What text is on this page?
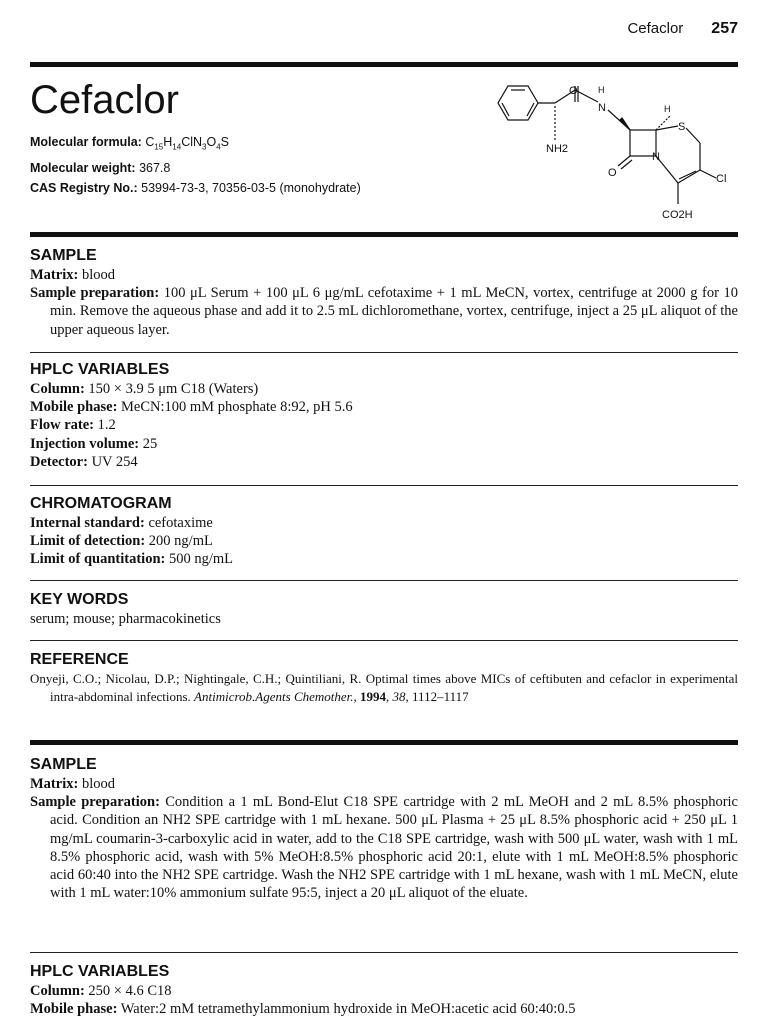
Cefaclor 257
Cefaclor
Molecular formula: $C_{15}H_{14}ClN_3O_4S$
Molecular weight: 367.8
CAS Registry No.: 53994-73-3, 70356-03-5 (monohydrate)
O
N
H
NH2
H
S
N
O	Cl
CO2H
SAMPLE

Matrix: blood

Sample preparation: 100 μL Serum + 100 μL 6 μg/mL cefotaxime + 1 mL MeCN, vortex, centrifuge at 2000 g for 10 min. Remove the aqueous phase and add it to 2.5 mL dichloromethane, vortex, centrifuge, inject a 25 μL aliquot of the upper aqueous layer.

HPLC VARIABLES

Column: 150 × 3.9 5 μm C18 (Waters)

Mobile phase: MeCN:100 mM phosphate 8:92, pH 5.6

Flow rate: 1.2

Injection volume: 25

Detector: UV 254

CHROMATOGRAM

Internal standard: cefotaxime

Limit of detection: 200 ng/mL

Limit of quantitation: 500 ng/mL

KEY WORDS

serum; mouse; pharmacokinetics

REFERENCE

Onyeji, C.O.; Nicolau, D.P.; Nightingale, C.H.; Quintiliani, R. Optimal times above MICs of ceftibuten and cefaclor in experimental intra-abdominal infections. Antimicrob.Agents Chemother., 1994, 38, 1112–1117

SAMPLE

Matrix: blood

Sample preparation: Condition a 1 mL Bond-Elut C18 SPE cartridge with 2 mL MeOH and 2 mL 8.5% phosphoric acid. Condition an NH2 SPE cartridge with 1 mL hexane. 500 μL Plasma + 25 μL 8.5% phosphoric acid + 250 μL 1 mg/mL coumarin-3-carboxylic acid in water, add to the C18 SPE cartridge, wash with 500 μL water, wash with 1 mL 8.5% phosphoric acid, wash with 5% MeOH:8.5% phosphoric acid 20:1, elute with 1 mL MeOH:8.5% phosphoric acid 60:40 into the NH2 SPE cartridge. Wash the NH2 SPE cartridge with 1 mL hexane, wash with 1 mL MeCN, elute with 1 mL water:10% ammonium sulfate 95:5, inject a 20 μL aliquot of the eluate.

HPLC VARIABLES

Column: 250 × 4.6 C18

Mobile phase: Water:2 mM tetramethylammonium hydroxide in MeOH:acetic acid 60:40:0.5
